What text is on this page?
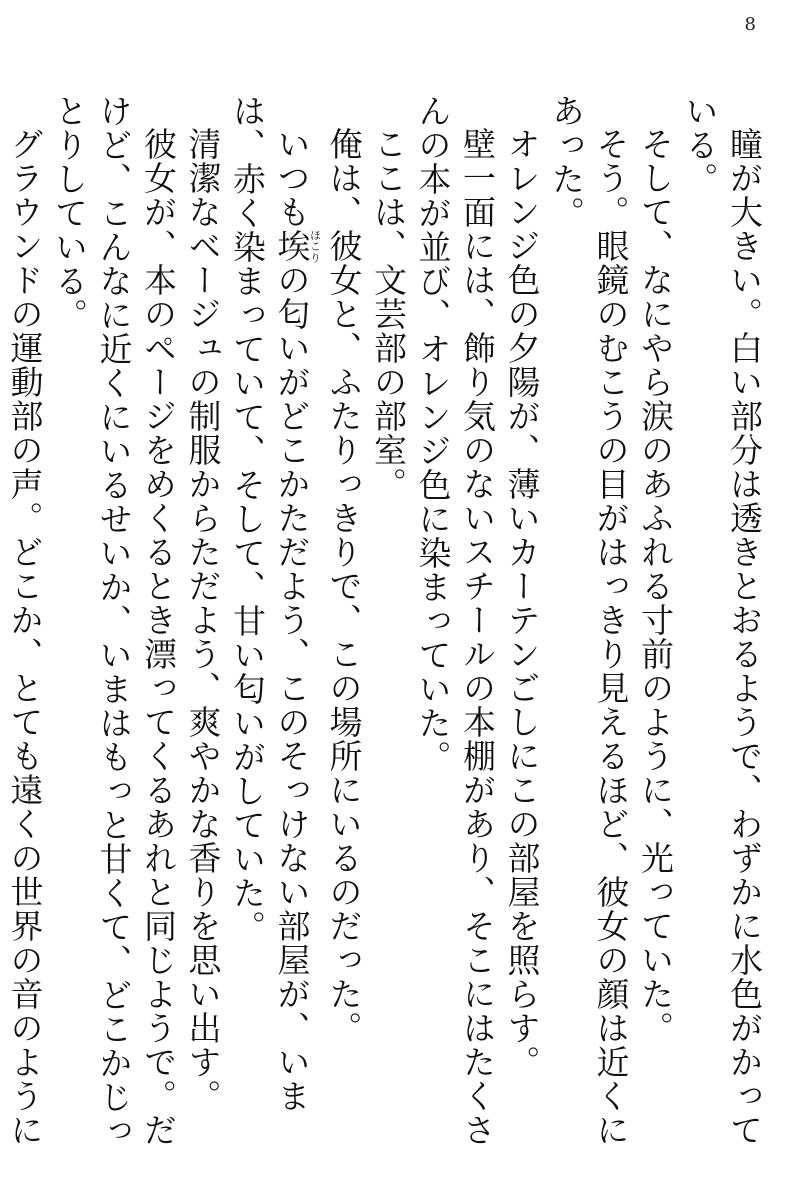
8

瞳が大きい。白い部分は透きとおるようで、わずかに水色がかっている。

そして、なにやら涙のあふれる寸前のように、光っていた。

そう。眼鏡のむこうの目がはっきり見えるほど、彼女の顔は近くにあった。

オレンジ色の夕陽が、薄いカーテンごしにこの部屋を照らす。

壁一面には、飾り気のないスチールの本棚があり、そこにはたくさんの本が並び、オレンジ色に染まっていた。

ここは、文芸部の部室。

俺は、彼女と、ふたりっきりで、この場所にいるのだった。

いつも埃ほこりの匂いがどこかただよう、このそっけない部屋が、いまは、赤く染まっていて、そして、甘い匂いがしていた。

清潔なベージュの制服からただよう、爽やかな香りを思い出す。

彼女が、本のページをめくるとき漂ってくるあれと同じようで。だけど、こんなに近くにいるせいか、いまはもっと甘くて、どこかじっとりしている。

グラウンドの運動部の声。どこか、とても遠くの世界の音のように
